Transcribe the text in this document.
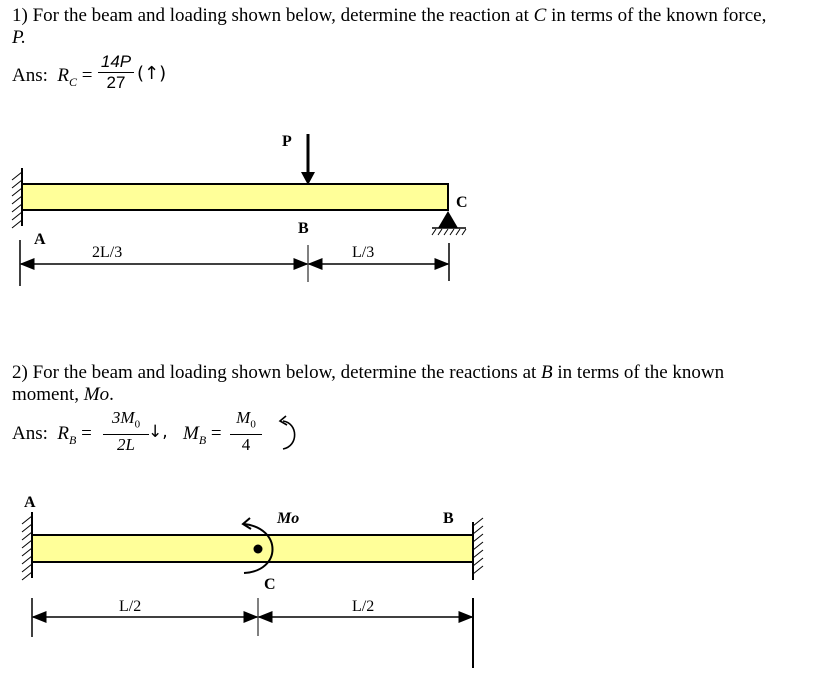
1) For the beam and loading shown below, determine the reaction at C in terms of the known force,
P.
Ans: $R_C = \frac{14P}{27}$ (↑)
2) For the beam and loading shown below, determine the reactions at B in terms of the known
moment, Mo.
Ans: $R_B = \frac{3M_0}{2L}$ ↓, $M_B = \frac{M_0}{4}$
P
A
B
C
2L/3	L/3
A
B
C
Mo
L/2	L/2
